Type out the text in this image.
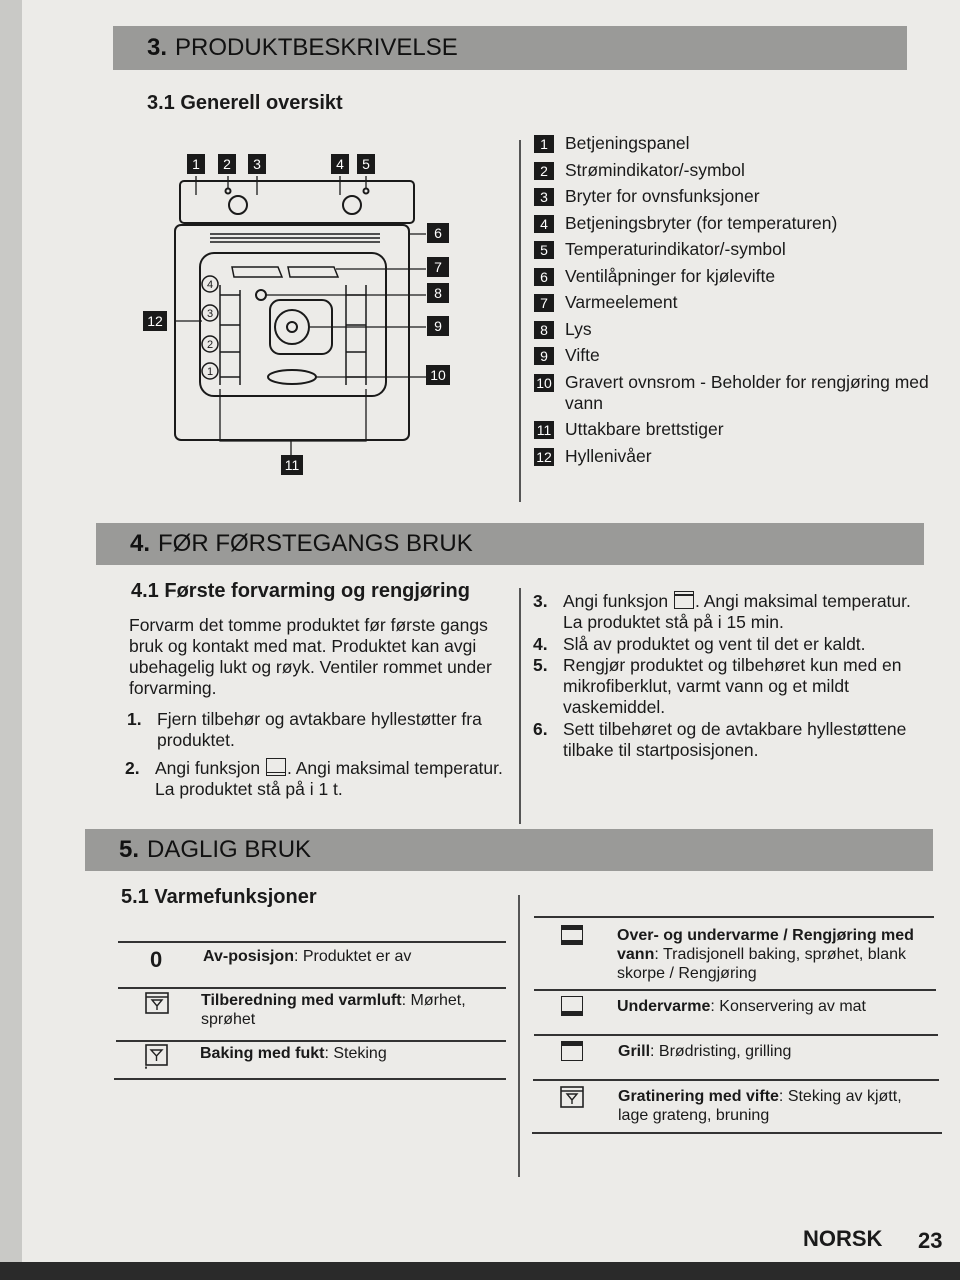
3. PRODUKTBESKRIVELSE
3.1 Generell oversikt
1 2 3	4 5
6
7
8
9
10
11
12
4
3
2
1
1 Betjeningspanel
2 Strømindikator/-symbol
3 Bryter for ovnsfunksjoner
4 Betjeningsbryter (for temperaturen)
5 Temperaturindikator/-symbol
6 Ventilåpninger for kjølevifte
7 Varmeelement
8 Lys
9 Vifte
10 Gravert ovnsrom - Beholder for rengjøring med vann
11 Uttakbare brettstiger
12 Hyllenivåer
4. FØR FØRSTEGANGS BRUK
4.1 Første forvarming og rengjøring
Forvarm det tomme produktet før første gangs bruk og kontakt med mat. Produktet kan avgi ubehagelig lukt og røyk. Ventiler rommet under forvarming.
1. Fjern tilbehør og avtakbare hyllestøtter fra produktet.
2. Angi funksjon . Angi maksimal temperatur. La produktet stå på i 1 t.
3. Angi funksjon . Angi maksimal temperatur. La produktet stå på i 15 min.
4. Slå av produktet og vent til det er kaldt.
5. Rengjør produktet og tilbehøret kun med en mikrofiberklut, varmt vann og et mildt vaskemiddel.
6. Sett tilbehøret og de avtakbare hyllestøttene tilbake til startposisjonen.
5. DAGLIG BRUK
5.1 Varmefunksjoner
0	Av-posisjon: Produktet er av
Tilberedning med varmluft: Mørhet, sprøhet
Baking med fukt: Steking
Over- og undervarme / Rengjøring med vann: Tradisjonell baking, sprøhet, blank skorpe / Rengjøring
Undervarme: Konservering av mat
Grill: Brødristing, grilling
Gratinering med vifte: Steking av kjøtt, lage grateng, bruning
NORSK 23
